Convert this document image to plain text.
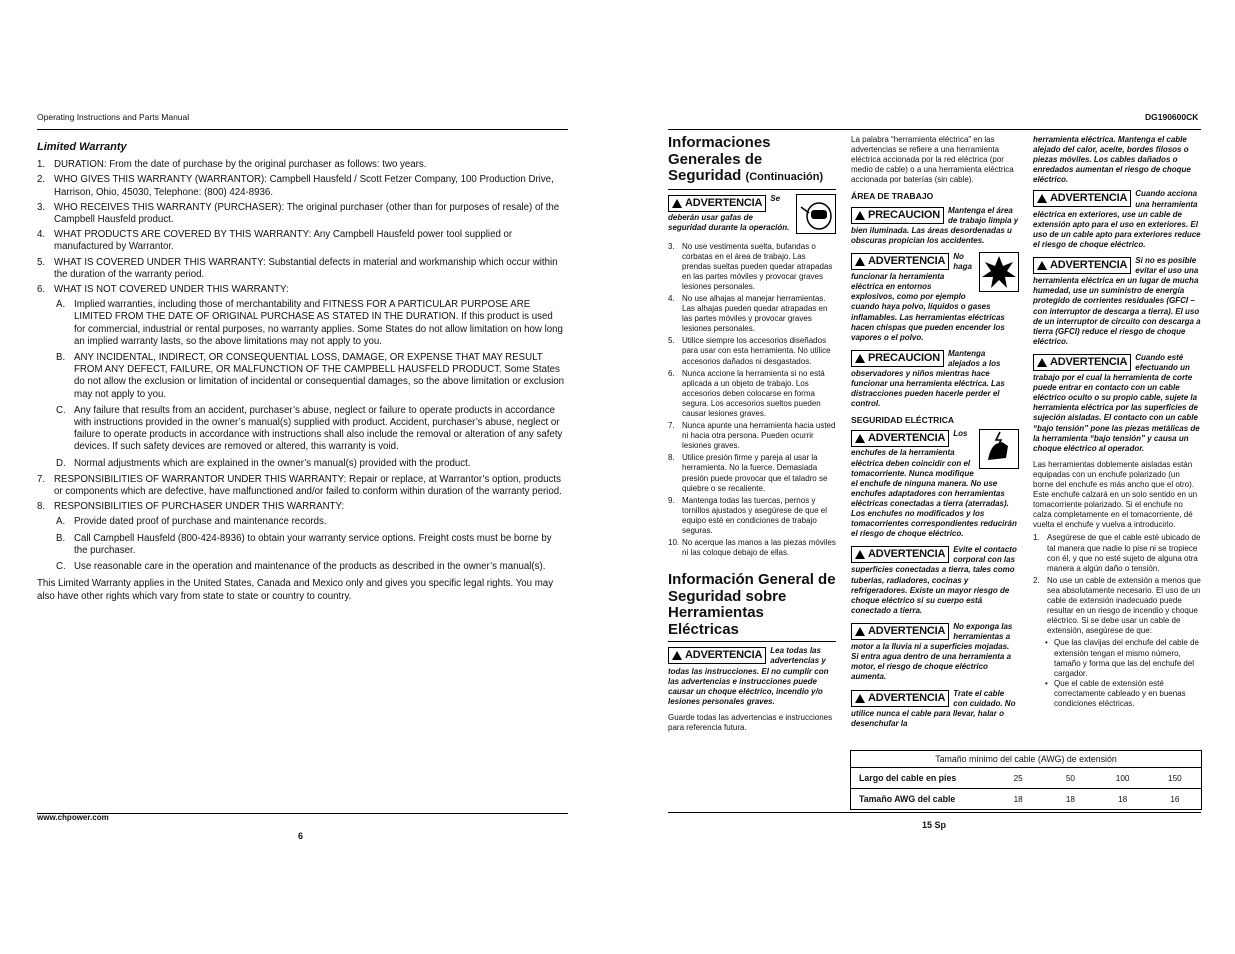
Operating Instructions and Parts Manual
Limited Warranty
1. DURATION: From the date of purchase by the original purchaser as follows: two years.
2. WHO GIVES THIS WARRANTY (WARRANTOR): Campbell Hausfeld / Scott Fetzer Company, 100 Production Drive, Harrison, Ohio, 45030, Telephone: (800) 424-8936.
3. WHO RECEIVES THIS WARRANTY (PURCHASER): The original purchaser (other than for purposes of resale) of the Campbell Hausfeld product.
4. WHAT PRODUCTS ARE COVERED BY THIS WARRANTY: Any Campbell Hausfeld power tool supplied or manufactured by Warrantor.
5. WHAT IS COVERED UNDER THIS WARRANTY: Substantial defects in material and workmanship which occur within the duration of the warranty period.
6. WHAT IS NOT COVERED UNDER THIS WARRANTY:
A. Implied warranties, including those of merchantability and FITNESS FOR A PARTICULAR PURPOSE ARE LIMITED FROM THE DATE OF ORIGINAL PURCHASE AS STATED IN THE DURATION. If this product is used for commercial, industrial or rental purposes, no warranty applies. Some States do not allow limitation on how long an implied warranty lasts, so the above limitations may not apply to you.
B. ANY INCIDENTAL, INDIRECT, OR CONSEQUENTIAL LOSS, DAMAGE, OR EXPENSE THAT MAY RESULT FROM ANY DEFECT, FAILURE, OR MALFUNCTION OF THE CAMPBELL HAUSFELD PRODUCT. Some States do not allow the exclusion or limitation of incidental or consequential damages, so the above limitation or exclusion may not apply to you.
C. Any failure that results from an accident, purchaser’s abuse, neglect or failure to operate products in accordance with instructions provided in the owner’s manual(s) supplied with product. Accident, purchaser’s abuse, neglect or failure to operate products in accordance with instructions shall also include the removal or alteration of any safety devices. If such safety devices are removed or altered, this warranty is void.
D. Normal adjustments which are explained in the owner’s manual(s) provided with the product.
7. RESPONSIBILITIES OF WARRANTOR UNDER THIS WARRANTY: Repair or replace, at Warrantor’s option, products or components which are defective, have malfunctioned and/or failed to conform within duration of the warranty period.
8. RESPONSIBILITIES OF PURCHASER UNDER THIS WARRANTY:
A. Provide dated proof of purchase and maintenance records.
B. Call Campbell Hausfeld (800-424-8936) to obtain your warranty service options. Freight costs must be borne by the purchaser.
C. Use reasonable care in the operation and maintenance of the products as described in the owner’s manual(s).

This Limited Warranty applies in the United States, Canada and Mexico only and gives you specific legal rights. You may also have other rights which vary from state to state or country to country.

www.chpower.com
6
DG190600CK
Informaciones Generales de Seguridad (Continuación)
ADVERTENCIA Se deberán usar gafas de seguridad durante la operación.
3. No use vestimenta suelta, bufandas o corbatas en el área de trabajo. Las prendas sueltas pueden quedar atrapadas en las partes móviles y provocar graves lesiones personales.
4. No use alhajas al manejar herramientas. Las alhajas pueden quedar atrapadas en las partes móviles y provocar graves lesiones personales.
5. Utilice siempre los accesorios diseñados para usar con esta herramienta. No utilice accesorios dañados ni desgastados.
6. Nunca accione la herramienta si no está aplicada a un objeto de trabajo. Los accesorios deben colocarse en forma segura. Los accesorios sueltos pueden causar lesiones graves.
7. Nunca apunte una herramienta hacia usted ni hacia otra persona. Pueden ocurrir lesiones graves.
8. Utilice presión firme y pareja al usar la herramienta. No la fuerce. Demasiada presión puede provocar que el taladro se quiebre o se recaliente.
9. Mantenga todas las tuercas, pernos y tornillos ajustados y asegúrese de que el equipo esté en condiciones de trabajo seguras.
10. No acerque las manos a las piezas móviles ni las coloque debajo de ellas.
Información General de Seguridad sobre Herramientas Eléctricas
ADVERTENCIA Lea todas las advertencias y todas las instrucciones. El no cumplir con las advertencias e instrucciones puede causar un choque eléctrico, incendio y/o lesiones personales graves.

Guarde todas las advertencias e instrucciones para referencia futura.

La palabra “herramienta eléctrica” en las advertencias se refiere a una herramienta eléctrica accionada por la red eléctrica (por medio de cable) o a una herramienta eléctrica accionada por baterías (sin cable).

ÁREA DE TRABAJO
PRECAUCION Mantenga el área de trabajo limpia y bien iluminada. Las áreas desordenadas u obscuras propician los accidentes.
ADVERTENCIA No haga funcionar la herramienta eléctrica en entornos explosivos, como por ejemplo cuando haya polvo, líquidos o gases inflamables. Las herramientas eléctricas hacen chispas que pueden encender los vapores o el polvo.
PRECAUCION Mantenga alejados a los observadores y niños mientras hace funcionar una herramienta eléctrica. Las distracciones pueden hacerle perder el control.
SEGURIDAD ELÉCTRICA
ADVERTENCIA Los enchufes de la herramienta eléctrica deben coincidir con el tomacorriente. Nunca modifique el enchufe de ninguna manera. No use enchufes adaptadores con herramientas eléctricas conectadas a tierra (aterradas). Los enchufes no modificados y los tomacorrientes correspondientes reducirán el riesgo de choque eléctrico.
ADVERTENCIA Evite el contacto corporal con las superficies conectadas a tierra, tales como tuberías, radiadores, cocinas y refrigeradores. Existe un mayor riesgo de choque eléctrico si su cuerpo está conectado a tierra.
ADVERTENCIA No exponga las herramientas a motor a la lluvia ni a superficies mojadas. Si entra agua dentro de una herramienta a motor, el riesgo de choque eléctrico aumenta.
ADVERTENCIA Trate el cable con cuidado. No utilice nunca el cable para llevar, halar o desenchufar la

herramienta eléctrica. Mantenga el cable alejado del calor, aceite, bordes filosos o piezas móviles. Los cables dañados o enredados aumentan el riesgo de choque eléctrico.

ADVERTENCIA Cuando acciona una herramienta eléctrica en exteriores, use un cable de extensión apto para el uso en exteriores. El uso de un cable apto para exteriores reduce el riesgo de choque eléctrico.
ADVERTENCIA Si no es posible evitar el uso una herramienta eléctrica en un lugar de mucha humedad, use un suministro de energía protegido de corrientes residuales (GFCI – con interruptor de descarga a tierra). El uso de un interruptor de circuito con descarga a tierra (GFCI) reduce el riesgo de choque eléctrico.
ADVERTENCIA Cuando esté efectuando un trabajo por el cual la herramienta de corte puede entrar en contacto con un cable eléctrico oculto o su propio cable, sujete la herramienta eléctrica por las superficies de sujeción aisladas. El contacto con un cable “bajo tensión” pone las piezas metálicas de la herramienta “bajo tensión” y causa un choque eléctrico al operador.

Las herramientas doblemente aisladas están equipadas con un enchufe polarizado (un borne del enchufe es más ancho que el otro). Este enchufe calzará en un solo sentido en un tomacorriente polarizado. Si el enchufe no calza completamente en el tomacorriente, dé vuelta el enchufe y vuelva a introducirlo.

1. Asegúrese de que el cable esté ubicado de tal manera que nadie lo pise ni se tropiece con él, y que no esté sujeto de alguna otra manera a algún daño o tensión.
2. No use un cable de extensión a menos que sea absolutamente necesario. El uso de un cable de extensión inadecuado puede resultar en un riesgo de incendio y choque eléctrico. Si se debe usar un cable de extensión, asegúrese de que:
• Que las clavijas del enchufe del cable de extensión tengan el mismo número, tamaño y forma que las del enchufe del cargador.
• Que el cable de extensión esté correctamente cableado y en buenas condiciones eléctricas.
Tamaño mínimo del cable (AWG) de extensión
Largo del cable en pies	25	50	100	150
Tamaño AWG del cable	18	18	18	16
15 Sp
